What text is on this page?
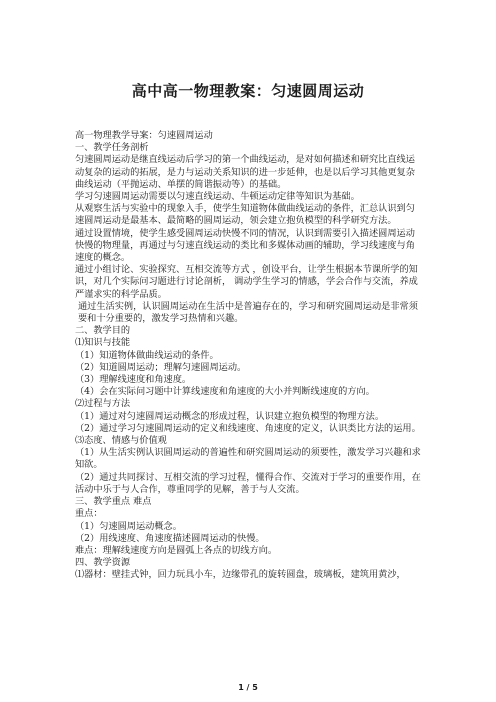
高中高一物理教案：匀速圆周运动

高一物理教学导案：匀速圆周运动

一、教学任务剖析

匀速圆周运动是继直线运动后学习的第一个曲线运动，是对如何描述和研究比直线运动复杂的运动的拓展，是力与运动关系知识的进一步延伸，也是以后学习其他更复杂曲线运动（平抛运动、单摆的简谐振动等）的基础。

学习匀速圆周运动需要以匀速直线运动、牛顿运动定律等知识为基础。

从观察生活与实验中的现象入手，使学生知道物体做曲线运动的条件，汇总认识到匀速圆周运动是最基本、最简略的圆周运动，领会建立抱负模型的科学研究方法。

通过设置情境，使学生感受圆周运动快慢不同的情况，认识到需要引入描述圆周运动快慢的物理量，再通过与匀速直线运动的类比和多媒体动画的辅助，学习线速度与角速度的概念。

通过小组讨论、实验探究、互相交流等方式 ，创设平台，让学生根据本节课所学的知识，对几个实际问习题进行讨论剖析， 调动学生学习的情感，学会合作与交流，养成严谨求实的科学品质。

通过生活实例，认识圆周运动在生活中是普遍存在的，学习和研究圆周运动是非常须要和十分重要的，激发学习热情和兴趣。

二、教学目的

⑴知识与技能

（1）知道物体做曲线运动的条件。

（2）知道圆周运动；理解匀速圆周运动。

（3）理解线速度和角速度。

（4）会在实际问习题中计算线速度和角速度的大小并判断线速度的方向。

⑵过程与方法

（1）通过对匀速圆周运动概念的形成过程，认识建立抱负模型的物理方法。

（2）通过学习匀速圆周运动的定义和线速度、角速度的定义，认识类比方法的运用。

⑶态度、情感与价值观

（1）从生活实例认识圆周运动的普遍性和研究圆周运动的须要性，激发学习兴趣和求知欲。

（2）通过共同探讨、互相交流的学习过程，懂得合作、交流对于学习的重要作用，在活动中乐于与人合作，尊重同学的见解，善于与人交流。

三、教学重点 难点

重点：

（1）匀速圆周运动概念。

（2）用线速度、角速度描述圆周运动的快慢。

难点：理解线速度方向是圆弧上各点的切线方向。

四、教学资源

⑴器材：壁挂式钟，回力玩具小车，边缘带孔的旋转圆盘，玻璃板，建筑用黄沙，

1 / 5
